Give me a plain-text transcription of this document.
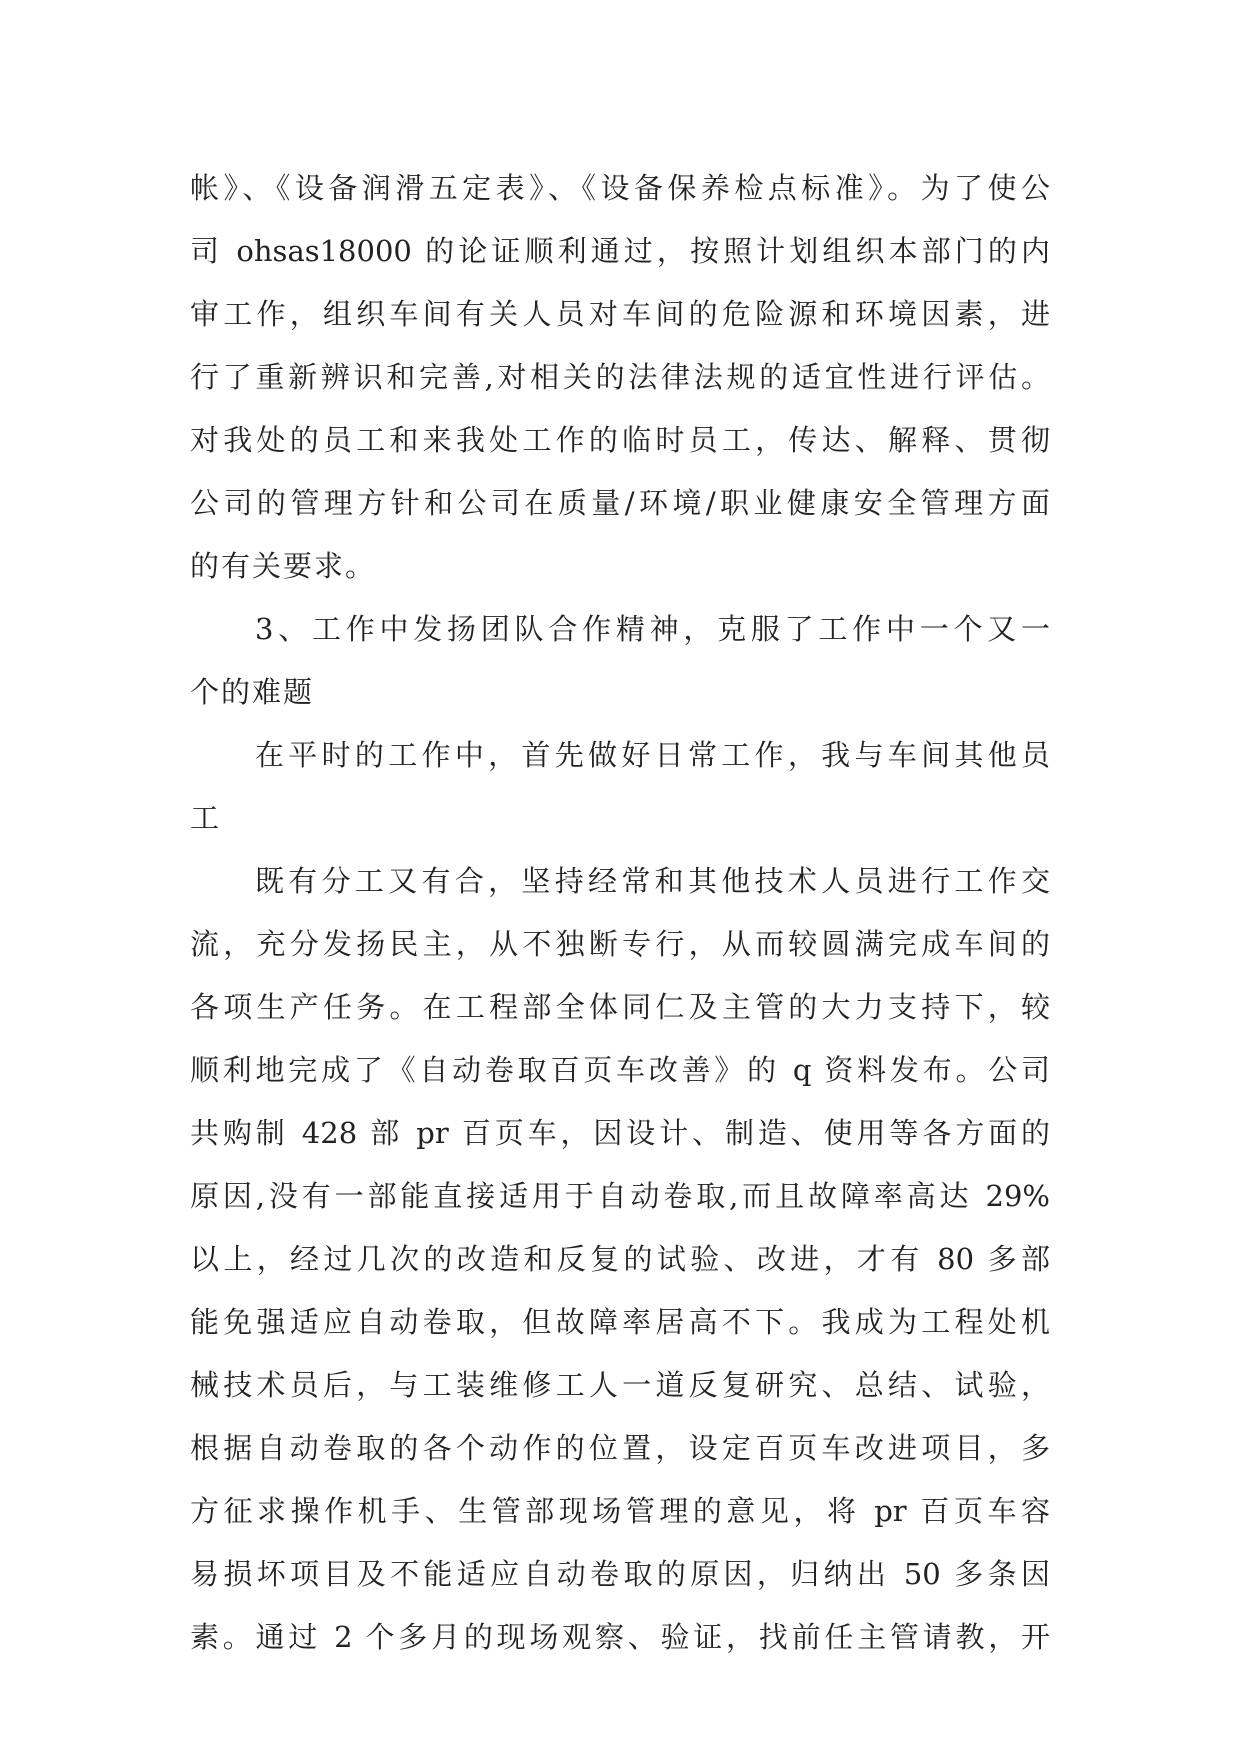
帐》、《设备润滑五定表》、《设备保养检点标准》。为了使公
司 ohsas18000 的论证顺利通过，按照计划组织本部门的内
审工作，组织车间有关人员对车间的危险源和环境因素，进
行了重新辨识和完善,对相关的法律法规的适宜性进行评估。
对我处的员工和来我处工作的临时员工，传达、解释、贯彻
公司的管理方针和公司在质量/环境/职业健康安全管理方面
的有关要求。
3、工作中发扬团队合作精神，克服了工作中一个又一
个的难题
在平时的工作中，首先做好日常工作，我与车间其他员
工
既有分工又有合，坚持经常和其他技术人员进行工作交
流，充分发扬民主，从不独断专行，从而较圆满完成车间的
各项生产任务。在工程部全体同仁及主管的大力支持下，较
顺利地完成了《自动卷取百页车改善》的 q 资料发布。公司
共购制 428 部 pr 百页车，因设计、制造、使用等各方面的
原因,没有一部能直接适用于自动卷取,而且故障率高达 29%
以上，经过几次的改造和反复的试验、改进，才有 80 多部
能免强适应自动卷取，但故障率居高不下。我成为工程处机
械技术员后，与工装维修工人一道反复研究、总结、试验，
根据自动卷取的各个动作的位置，设定百页车改进项目，多
方征求操作机手、生管部现场管理的意见，将 pr 百页车容
易损坏项目及不能适应自动卷取的原因，归纳出 50 多条因
素。通过 2 个多月的现场观察、验证，找前任主管请教，开
